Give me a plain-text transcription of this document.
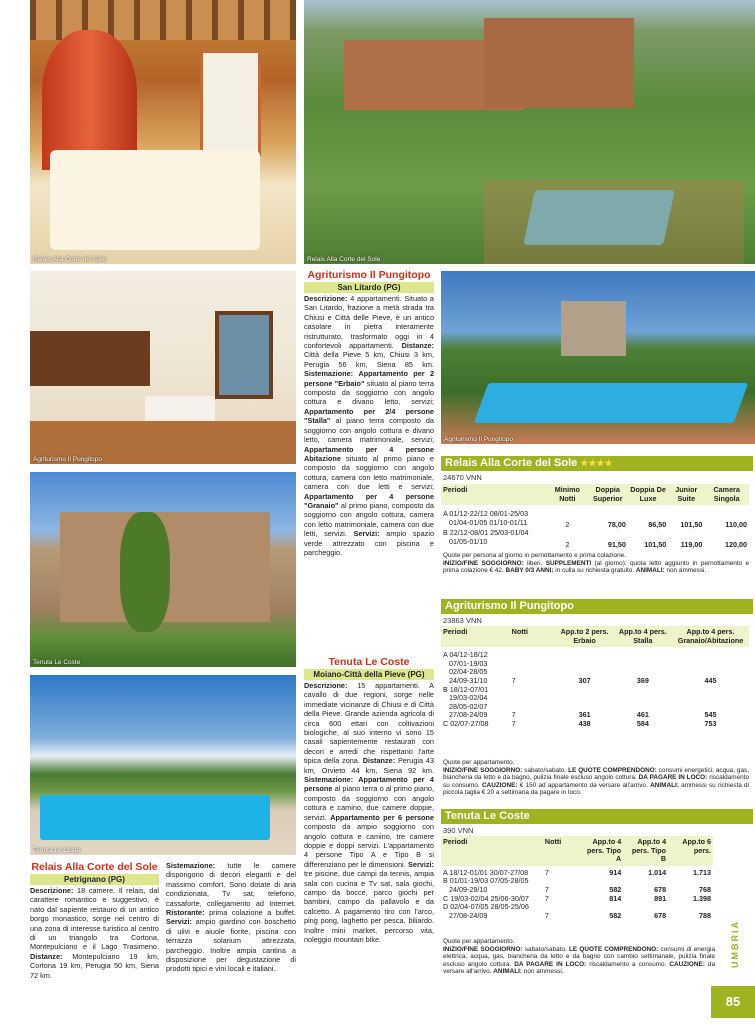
Relais Alla Corte del Sole	Relais Alla Corte del Sole
Agriturismo Il Pungitopo
Agriturismo Il Pungitopo
Tenuta Le Coste
Tenuta Le Coste

Agriturismo Il Pungitopo

San Litardo (PG)

Descrizione: 4 appartamenti. Situato a San Litardo, frazione a metà strada tra Chiusi e Città delle Pieve, è un antico casolare in pietra interamente ristrutturato, trasformato oggi in 4 confortevoli appartamenti. Distanze: Città della Pieve 5 km, Chiusi 3 km, Perugia 56 km, Siena 85 km. Sistemazione: Appartamento per 2 persone "Erbaio" situato al piano terra composto da soggiorno con angolo cottura e divano letto, servizi; Appartamento per 2/4 persone "Stalla" al piano terra composto da soggiorno con angolo cottura e divano letto, camera matrimoniale, servizi; Appartamento per 4 persone Abitazione situato al primo piano e composto da soggiorno con angolo cottura, camera con letto matrimoniale, camera con due letti e servizi; Appartamento per 4 persone "Granaio" al primo piano, composto da soggiorno con angolo cottura, camera con letto matrimoniale, camera con due letti, servizi. Servizi: ampio spazio verde attrezzato con piscina e parcheggio.

Tenuta Le Coste

Moiano-Città della Pieve (PG)

Descrizione: 15 appartamenti. A cavallo di due regioni, sorge nelle immediate vicinanze di Chiusi e di Città della Pieve. Grande azienda agricola di circa 600 ettari con coltivazioni biologiche, al suo interno vi sono 15 casali sapientemente restaurati con decori e arredi che rispettano l'arte tipica della zona. Distanze: Perugia 43 km, Orvieto 44 km, Siena 92 km. Sistemazione: Appartamento per 4 persone al piano terra o al primo piano, composto da soggiorno con angolo cottura e camino, due camere doppie, servizi. Appartamento per 6 persone composto da ampio soggiorno con angolo cottura e camino, tre camere doppie e doppi servizi. L'appartamento 4 persone Tipo A e Tipo B si differenziano per le dimensioni. Servizi: tre piscine, due campi da tennis, ampia sala con cucina e Tv sat, sala giochi, campo da bocce, parco giochi per bambini, campo da pallavolo e da calcetto. A pagamento tiro con l'arco, ping pong, laghetto per pesca, biliardo. Inoltre mini market, percorso vita, noleggio mountain bike.

Relais Alla Corte del Sole

Petrignano (PG)

Descrizione: 18 camere. Il relais, dal carattere romantico e suggestivo, è nato dal sapiente restauro di un antico borgo monastico, sorge nel centro di una zona di interesse turistico al centro di un triangolo tra Cortona, Montepulciano e il Lago Trasimeno. Distanze: Montepulciano 19 km, Cortona 19 km, Perugia 50 km, Siena 72 km.

Sistemazione: tutte le camere dispongono di decori eleganti e del massimo comfort. Sono dotate di aria condizionata, Tv sat, telefono, cassaforte, collegamento ad Internet. Ristorante: prima colazione a buffet. Servizi: ampio giardino con boschetto di ulivi e aiuole fiorite, piscina con terrazza solarium attrezzata, parcheggio. Inoltre ampia cantina a disposizione per degustazione di prodotti tipici e vini locali e italiani.

Relais Alla Corte del Sole ★★★★
24670 VNN
Periodi	Minimo Notti	Doppia Superior	Doppia De Luxe	Junior Suite	Camera Singola
A 01/12-22/12 08/01-25/03
01/04-01/05 01/10-01/11	2	78,00	86,50	101,50	110,00
B 22/12-08/01 25/03-01/04
01/05-01/10	2	91,50	101,50	119,00	120,00
Quote per persona al giorno in pernottamento e prima colazione.
INIZIO/FINE SOGGIORNO: liberi. SUPPLEMENTI (al giorno): quota letto aggiunto in pernottamento e prima colazione € 42. BABY 0/3 ANNI: in culla su richiesta gratuito. ANIMALI: non ammessi.
Agriturismo Il Pungitopo
23863 VNN
Periodi	Notti	App.to 2 pers. Erbaio	App.to 4 pers. Stalla	App.to 4 pers. Granaio/Abitazione
A 04/12-18/12
07/01-19/03
02/04-28/05
24/09-31/10	7	307	369	445
B 18/12-07/01
19/03-02/04
28/05-02/07
27/08-24/09	7	361	461	545
C 02/07-27/08	7	438	584	753
Quote per appartamento.
INIZIO/FINE SOGGIORNO: sabato/sabato. LE QUOTE COMPRENDONO: consumi energetici, acqua, gas, biancheria da letto e da bagno, pulizia finale escluso angolo cottura. DA PAGARE IN LOCO: riscaldamento su consumo. CAUZIONE: € 150 ad appartamento da versare all'arrivo. ANIMALI: ammessi su richiesta di piccola taglia € 20 a settimana da pagare in loco.
Tenuta Le Coste
390 VNN
Periodi	Notti	App.to 4 pers. Tipo A	App.to 4 pers. Tipo B	App.to 6 pers.
A 18/12-01/01 30/07-27/08	7	914	1.014	1.713
B 01/01-19/03 07/05-28/05
24/09-29/10	7	582	678	768
C 19/03-02/04 25/06-30/07	7	814	891	1.398
D 02/04-07/05 28/05-25/06
27/08-24/09	7	582	678	788
Quote per appartamento.
INIZIO/FINE SOGGIORNO: sabato/sabato. LE QUOTE COMPRENDONO: consumi di energia elettrica, acqua, gas, biancheria da letto e da bagno con cambio settimanale, pulizia finale escluso angolo cottura. DA PAGARE IN LOCO: riscaldamento a consumo. CAUZIONE: da versare all'arrivo. ANIMALI: non ammessi.
UMBRIA
85
